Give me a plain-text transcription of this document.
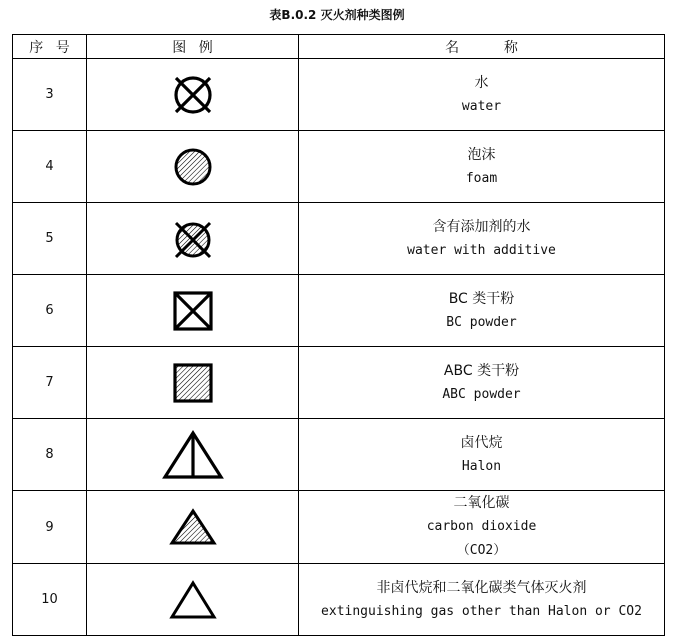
表B.0.2 灭火剂种类图例
序号	图例	名称
3		水
water

4		泡沫
foam

5		含有添加剂的水
water with additive

6		BC 类干粉
BC powder

7		ABC 类干粉
ABC powder

8		卤代烷
Halon

9		二氧化碳
carbon dioxide
（CO2）

10		非卤代烷和二氧化碳类气体灭火剂
extinguishing gas other than Halon or CO2
